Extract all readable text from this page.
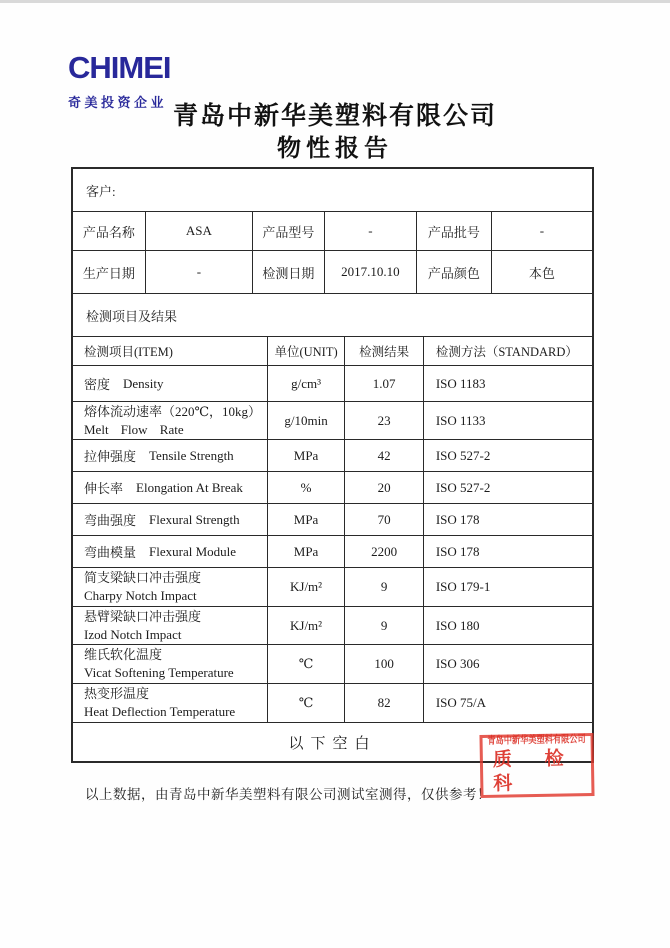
CHIMEI
奇美投资企业
青岛中新华美塑料有限公司
物性报告
客户:
产品名称	ASA	产品型号	-	产品批号	-
生产日期	-	检测日期	2017.10.10	产品颜色	本色
检测项目及结果
检测项目(ITEM)	单位(UNIT)	检测结果	检测方法（STANDARD）
密度 Density	g/cm³	1.07	ISO 1183
熔体流动速率（220℃，10kg）
Melt Flow Rate
g/10min	23	ISO 1133
拉伸强度 Tensile Strength	MPa	42	ISO 527-2
伸长率 Elongation At Break	%	20	ISO 527-2
弯曲强度 Flexural Strength	MPa	70	ISO 178
弯曲模量 Flexural Module	MPa	2200	ISO 178
简支梁缺口冲击强度
Charpy Notch Impact
KJ/m²	9	ISO 179-1
悬臂梁缺口冲击强度
Izod Notch Impact
KJ/m²	9	ISO 180
维氏软化温度
Vicat Softening Temperature
℃	100	ISO 306
热变形温度
Heat Deflection Temperature
℃	82	ISO 75/A
以下空白
以上数据，由青岛中新华美塑料有限公司测试室测得，仅供参考！
青岛中新华美塑料有限公司
质 检 科
